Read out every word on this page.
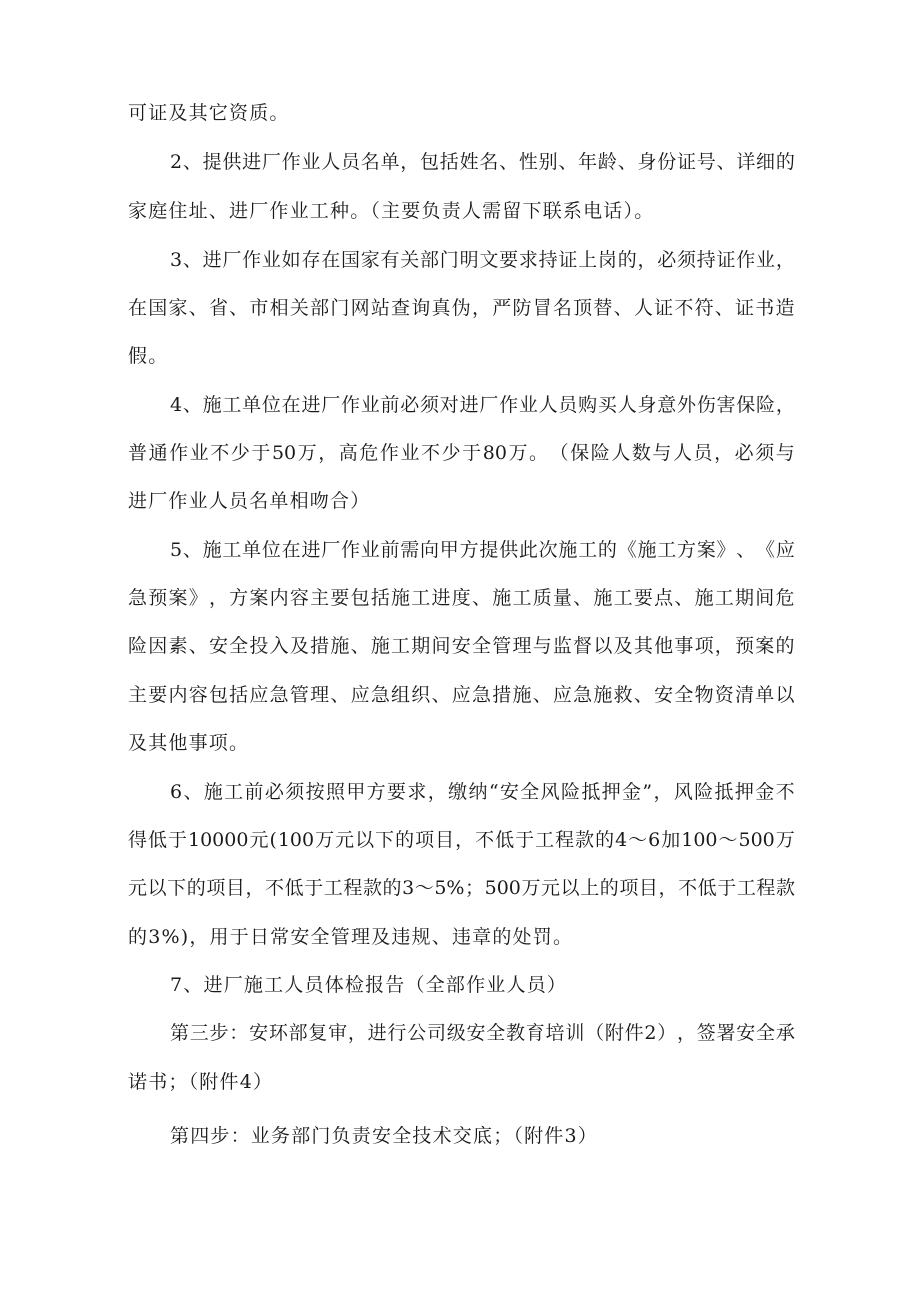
可证及其它资质。
2 、 提 供 进 厂 作 业 人 员 名 单 ， 包 括 姓 名 、 性 别 、 年 龄 、 身 份 证 号 、 详 细 的
家庭住址、进厂作业工种。（主要负责人需留下联系电话）。
3 、 进 厂 作 业 如 存 在 国 家 有 关 部 门 明 文 要 求 持 证 上 岗 的 ， 必 须 持 证 作 业 ，
在 国 家 、 省 、 市 相 关 部 门 网 站 查 询 真 伪 ， 严 防 冒 名 顶 替 、 人 证 不 符 、 证 书 造
假。
4 、 施 工 单 位 在 进 厂 作 业 前 必 须 对 进 厂 作 业 人 员 购 买 人 身 意 外 伤 害 保 险 ，
普 通 作 业 不 少 于 50 万 ， 高 危 作 业 不 少 于 80 万 。 （ 保 险 人 数 与 人 员 ， 必 须 与
进厂作业人员名单相吻合）
5 、 施 工 单 位 在 进 厂 作 业 前 需 向 甲 方 提 供 此 次 施 工 的 《 施 工 方 案 》 、 《 应
急 预 案 》 ， 方 案 内 容 主 要 包 括 施 工 进 度 、 施 工 质 量 、 施 工 要 点 、 施 工 期 间 危
险 因 素 、 安 全 投 入 及 措 施 、 施 工 期 间 安 全 管 理 与 监 督 以 及 其 他 事 项 ， 预 案 的
主 要 内 容 包 括 应 急 管 理 、 应 急 组 织 、 应 急 措 施 、 应 急 施 救 、 安 全 物 资 清 单 以
及其他事项。
6 、 施 工 前 必 须 按 照 甲 方 要 求 ， 缴 纳 “ 安 全 风 险 抵 押 金 ” ， 风 险 抵 押 金 不
得 低 于 10000 元 ( 100 万 元 以 下 的 项 目 ， 不 低 于 工 程 款 的 4 ～ 6 加 100 ～ 500 万
元 以 下 的 项 目 ， 不 低 于 工 程 款 的 3 ～ 5% ； 500 万 元 以 上 的 项 目 ， 不 低 于 工 程 款
的3%)，用于日常安全管理及违规、违章的处罚。
7、进厂施工人员体检报告（全部作业人员）
第 三 步 ： 安 环 部 复 审 ， 进 行 公 司 级 安 全 教 育 培 训 （ 附 件 2 ） ， 签 署 安 全 承
诺书；（附件4）
第四步：业务部门负责安全技术交底；（附件3）
